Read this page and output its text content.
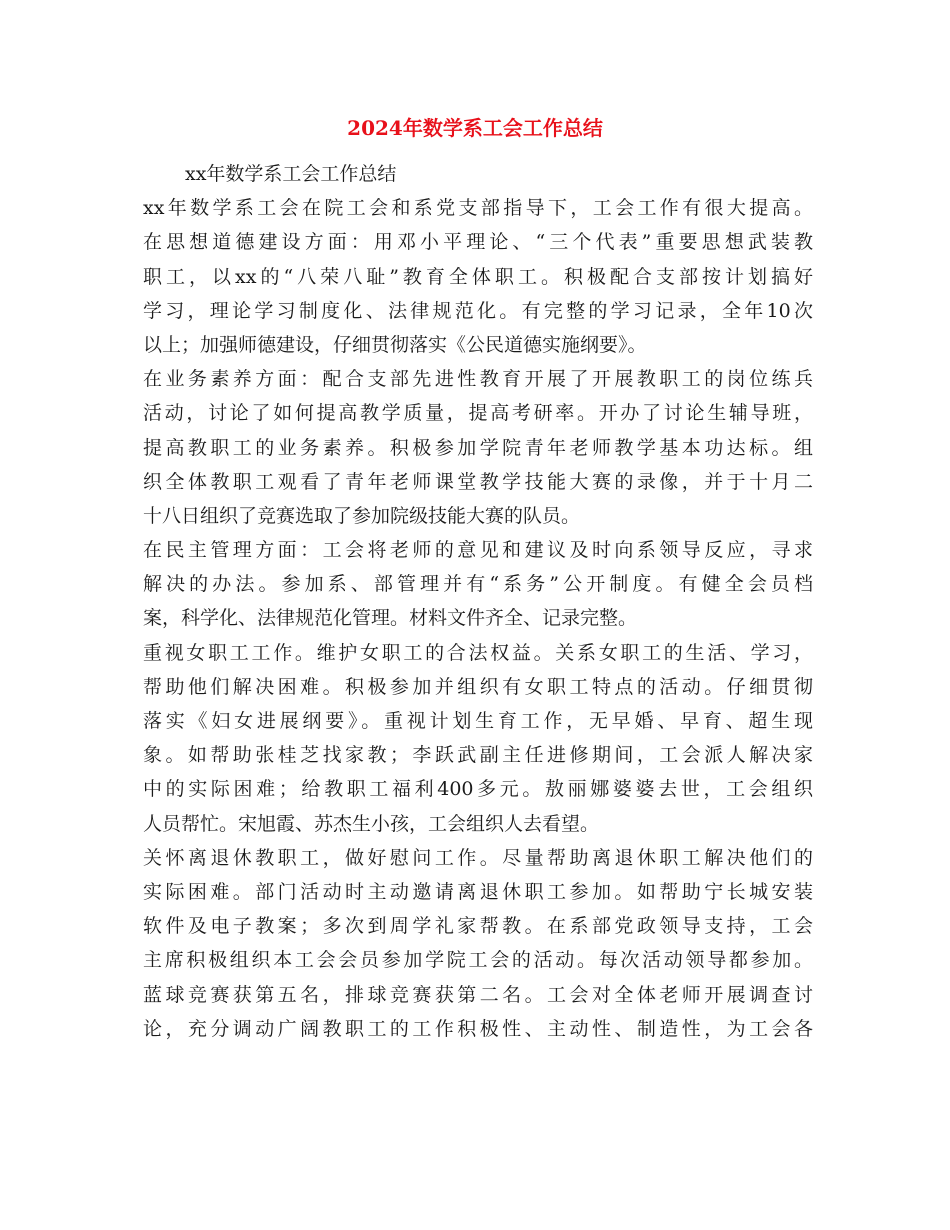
2024年数学系工会工作总结
xx年数学系工会工作总结
xx年数学系工会在院工会和系党支部指导下，工会工作有很大提高。
在思想道德建设方面：用邓小平理论、“三个代表”重要思想武装教
职工，以xx的“八荣八耻”教育全体职工。积极配合支部按计划搞好
学习，理论学习制度化、法律规范化。有完整的学习记录，全年10次
以上；加强师德建设，仔细贯彻落实《公民道德实施纲要》。
在业务素养方面：配合支部先进性教育开展了开展教职工的岗位练兵
活动，讨论了如何提高教学质量，提高考研率。开办了讨论生辅导班，
提高教职工的业务素养。积极参加学院青年老师教学基本功达标。组
织全体教职工观看了青年老师课堂教学技能大赛的录像，并于十月二
十八日组织了竞赛选取了参加院级技能大赛的队员。
在民主管理方面：工会将老师的意见和建议及时向系领导反应，寻求
解决的办法。参加系、部管理并有“系务”公开制度。有健全会员档
案，科学化、法律规范化管理。材料文件齐全、记录完整。
重视女职工工作。维护女职工的合法权益。关系女职工的生活、学习，
帮助他们解决困难。积极参加并组织有女职工特点的活动。仔细贯彻
落实《妇女进展纲要》。重视计划生育工作，无早婚、早育、超生现
象。如帮助张桂芝找家教；李跃武副主任进修期间，工会派人解决家
中的实际困难；给教职工福利400多元。敖丽娜婆婆去世，工会组织
人员帮忙。宋旭霞、苏杰生小孩，工会组织人去看望。
关怀离退休教职工，做好慰问工作。尽量帮助离退休职工解决他们的
实际困难。部门活动时主动邀请离退休职工参加。如帮助宁长城安装
软件及电子教案；多次到周学礼家帮教。在系部党政领导支持，工会
主席积极组织本工会会员参加学院工会的活动。每次活动领导都参加。
蓝球竞赛获第五名，排球竞赛获第二名。工会对全体老师开展调查讨
论，充分调动广阔教职工的工作积极性、主动性、制造性，为工会各
